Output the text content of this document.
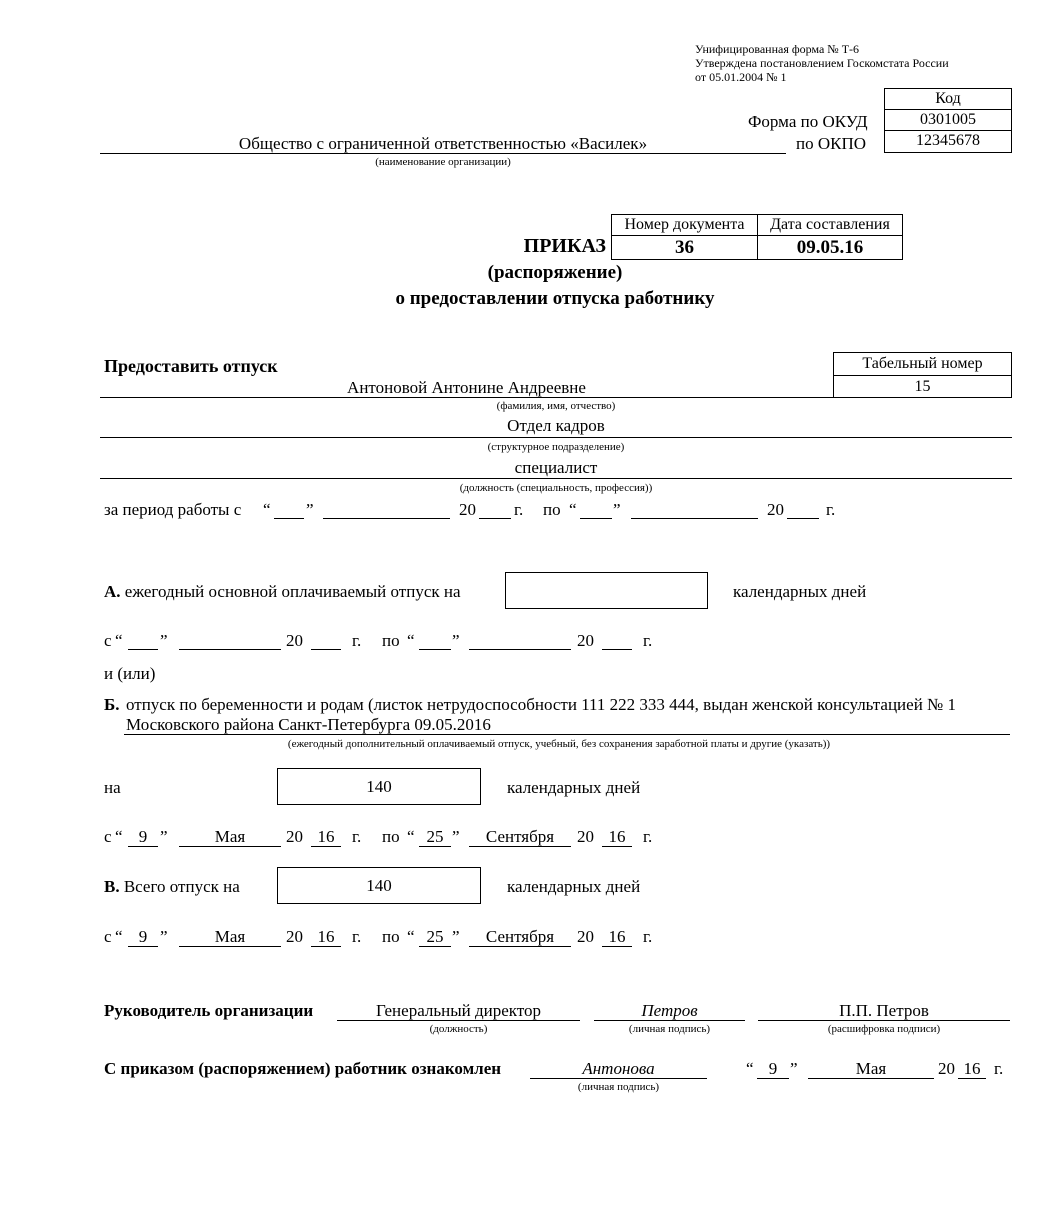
Унифицированная форма № Т-6
Утверждена постановлением Госкомстата России
от 05.01.2004 № 1
Код
0301005
12345678
Форма по ОКУД
по ОКПО
Общество с ограниченной ответственностью «Василек»
(наименование организации)
Номер документа	Дата составления
36	09.05.16
ПРИКАЗ
(распоряжение)
о предоставлении отпуска работнику
Предоставить отпуск	Табельный номер
15
Антоновой Антонине Андреевне
(фамилия, имя, отчество)
Отдел кадров
(структурное подразделение)
специалист
(должность (специальность, профессия))
за период работы с “ ”	20 г. по “ ”	20 г.
А. ежегодный основной оплачиваемый отпуск на	календарных дней
с “ ”	20	г. по “ ”	20	г.
и (или)
Б. отпуск по беременности и родам (листок нетрудоспособности 111 222 333 444, выдан женской консультацией № 1
Московского района Санкт-Петербурга 09.05.2016
(ежегодный дополнительный оплачиваемый отпуск, учебный, без сохранения заработной платы и другие (указать))
на	140	календарных дней
с “ 9 ”	Мая	20 16	г. по “ 25 ”	Сентября	20 16	г.
В. Всего отпуск на	140	календарных дней
с “ 9 ”	Мая	20 16	г. по “ 25 ”	Сентября	20 16	г.
Руководитель организации	Генеральный директор
(должность)
Петров
(личная подпись)
П.П. Петров
(расшифровка подписи)
С приказом (распоряжением) работник ознакомлен	Антонова
(личная подпись)
“ 9 ”	Мая	20 16 г.
